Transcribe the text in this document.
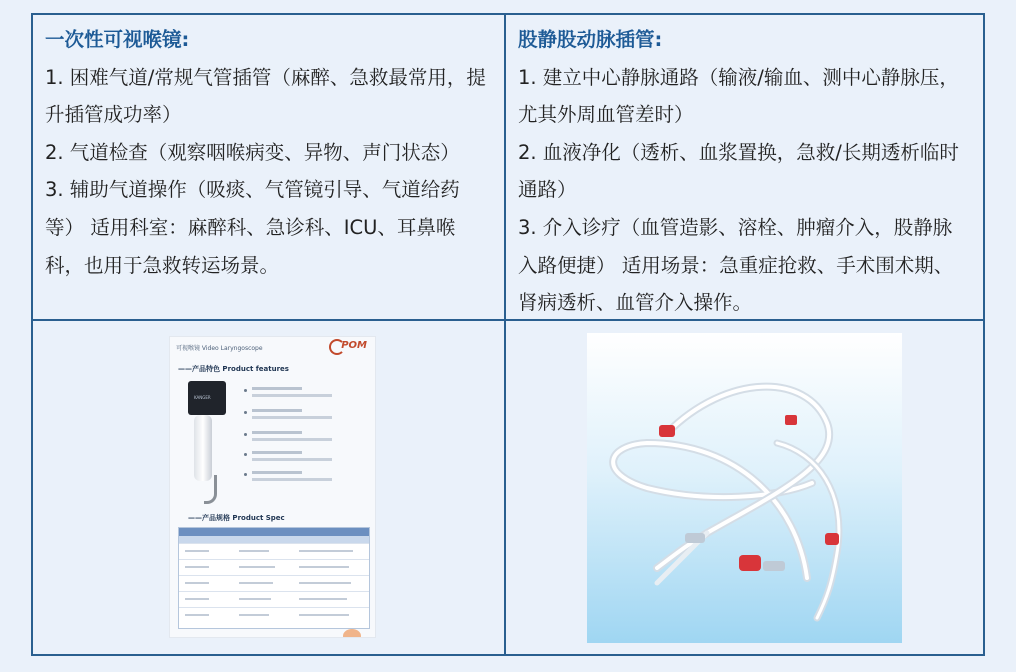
一次性可视喉镜:

1. 困难气道/常规气管插管（麻醉、急救最常用，提升插管成功率）

2. 气道检查（观察咽喉病变、异物、声门状态）

3. 辅助气道操作（吸痰、气管镜引导、气道给药等） 适用科室：麻醉科、急诊科、ICU、耳鼻喉科，也用于急救转运场景。

股静股动脉插管:

1. 建立中心静脉通路（输液/输血、测中心静脉压，尤其外周血管差时）

2. 血液净化（透析、血浆置换，急救/长期透析临时通路）

3. 介入诊疗（血管造影、溶栓、肿瘤介入，股静脉入路便捷） 适用场景：急重症抢救、手术围术期、肾病透析、血管介入操作。

可视喉镜 Video Laryngoscope	POM
——产品特色 Product features
KANGER
——产品规格 Product Spec
